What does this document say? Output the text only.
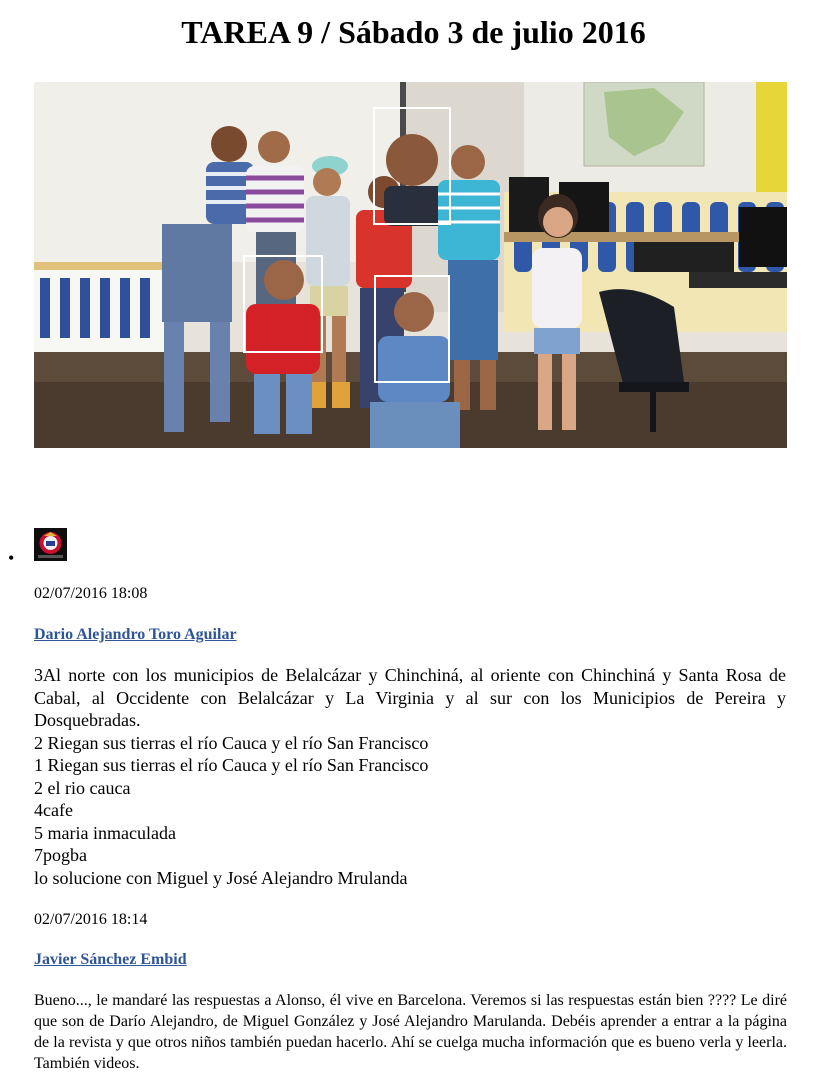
TAREA 9 / Sábado 3 de julio 2016
•
02/07/2016 18:08
Dario Alejandro Toro Aguilar
3Al norte con los municipios de Belalcázar y Chinchiná, al oriente con Chinchiná y Santa Rosa de Cabal, al Occidente con Belalcázar y La Virginia y al sur con los Municipios de Pereira y Dosquebradas.
2 Riegan sus tierras el río Cauca y el río San Francisco
1 Riegan sus tierras el río Cauca y el río San Francisco
2 el rio cauca
4cafe
5 maria inmaculada
7pogba
lo solucione con Miguel y José Alejandro Mrulanda
02/07/2016 18:14
Javier Sánchez Embid
Bueno..., le mandaré las respuestas a Alonso, él vive en Barcelona. Veremos si las respuestas están bien ???? Le diré que son de Darío Alejandro, de Miguel González y José Alejandro Marulanda. Debéis aprender a entrar a la página de la revista y que otros niños también puedan hacerlo. Ahí se cuelga mucha información que es bueno verla y leerla. También videos.
